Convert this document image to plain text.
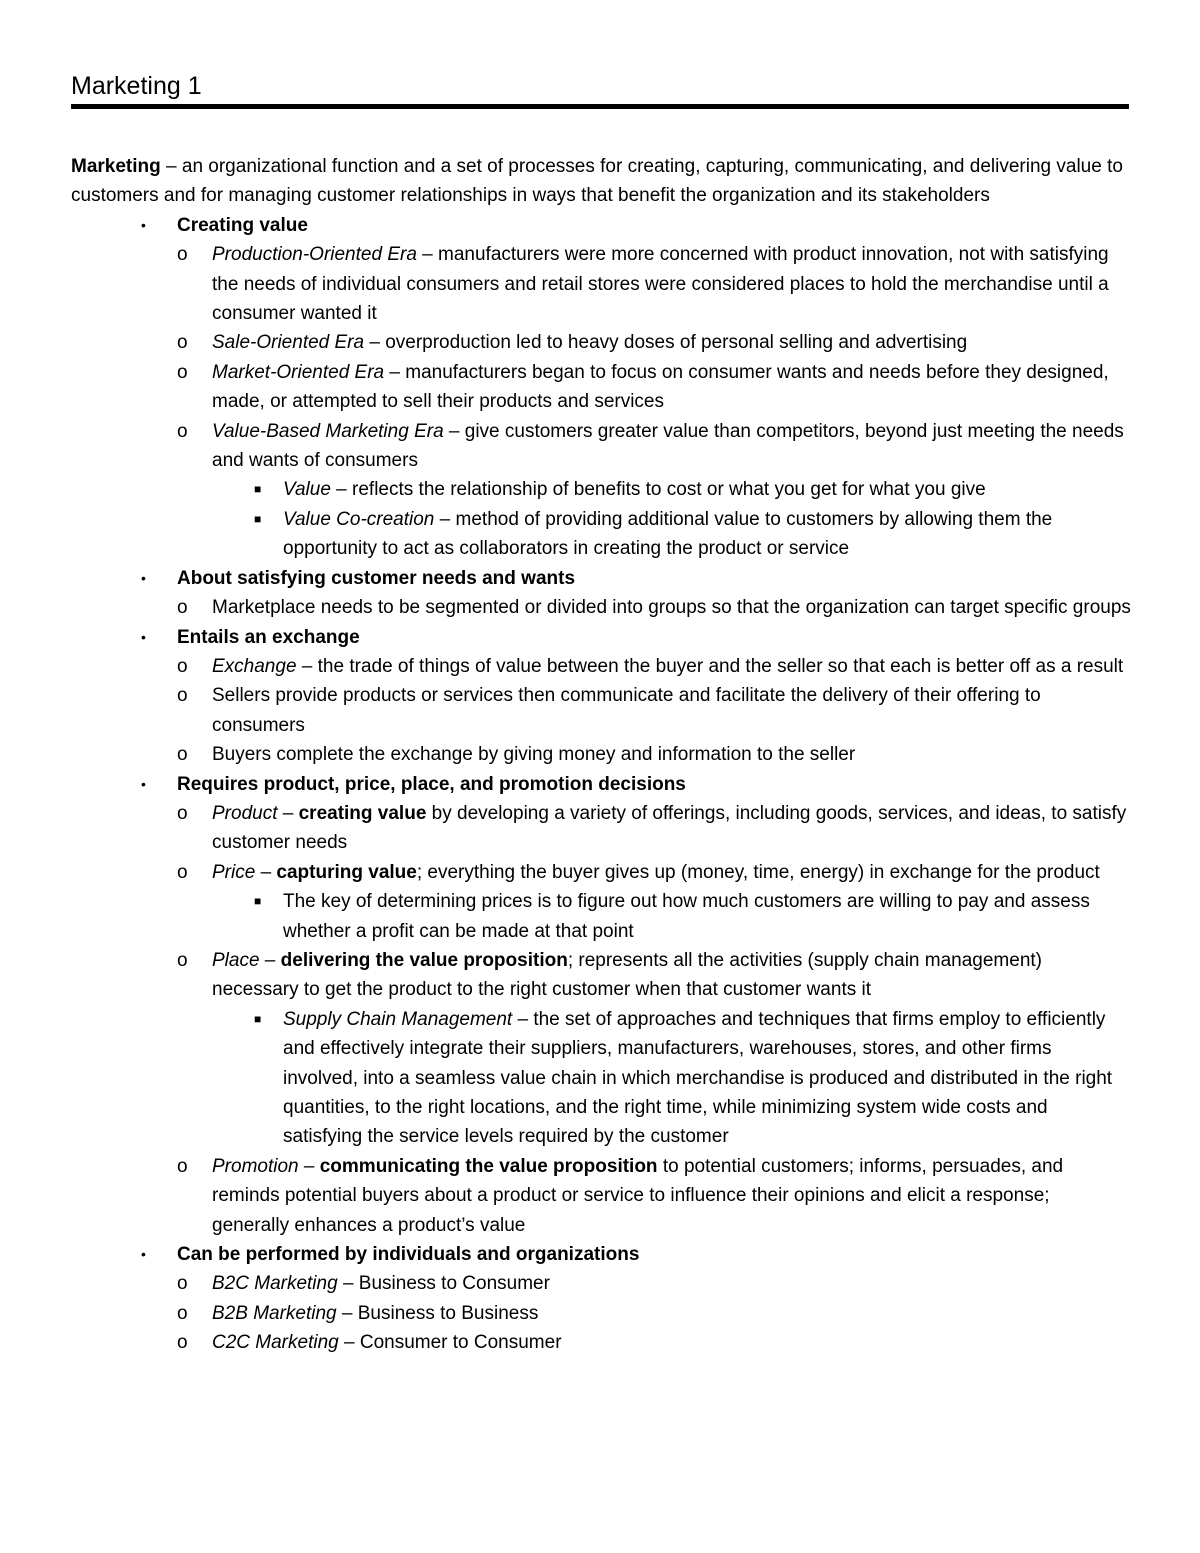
Marketing 1

Marketing – an organizational function and a set of processes for creating, capturing, communicating, and delivering value to customers and for managing customer relationships in ways that benefit the organization and its stakeholders

• Creating value
o Production-Oriented Era – manufacturers were more concerned with product innovation, not with satisfying the needs of individual consumers and retail stores were considered places to hold the merchandise until a consumer wanted it
o Sale-Oriented Era – overproduction led to heavy doses of personal selling and advertising
o Market-Oriented Era – manufacturers began to focus on consumer wants and needs before they designed, made, or attempted to sell their products and services
o Value-Based Marketing Era – give customers greater value than competitors, beyond just meeting the needs and wants of consumers
■ Value – reflects the relationship of benefits to cost or what you get for what you give
■ Value Co-creation – method of providing additional value to customers by allowing them the opportunity to act as collaborators in creating the product or service
• About satisfying customer needs and wants
o Marketplace needs to be segmented or divided into groups so that the organization can target specific groups
• Entails an exchange
o Exchange – the trade of things of value between the buyer and the seller so that each is better off as a result
o Sellers provide products or services then communicate and facilitate the delivery of their offering to consumers
o Buyers complete the exchange by giving money and information to the seller
• Requires product, price, place, and promotion decisions
o Product – creating value by developing a variety of offerings, including goods, services, and ideas, to satisfy customer needs
o Price – capturing value; everything the buyer gives up (money, time, energy) in exchange for the product
■ The key of determining prices is to figure out how much customers are willing to pay and assess whether a profit can be made at that point
o Place – delivering the value proposition; represents all the activities (supply chain management) necessary to get the product to the right customer when that customer wants it
■ Supply Chain Management – the set of approaches and techniques that firms employ to efficiently and effectively integrate their suppliers, manufacturers, warehouses, stores, and other firms involved, into a seamless value chain in which merchandise is produced and distributed in the right quantities, to the right locations, and the right time, while minimizing system wide costs and satisfying the service levels required by the customer
o Promotion – communicating the value proposition to potential customers; informs, persuades, and reminds potential buyers about a product or service to influence their opinions and elicit a response; generally enhances a product’s value
• Can be performed by individuals and organizations
o B2C Marketing – Business to Consumer
o B2B Marketing – Business to Business
o C2C Marketing – Consumer to Consumer
